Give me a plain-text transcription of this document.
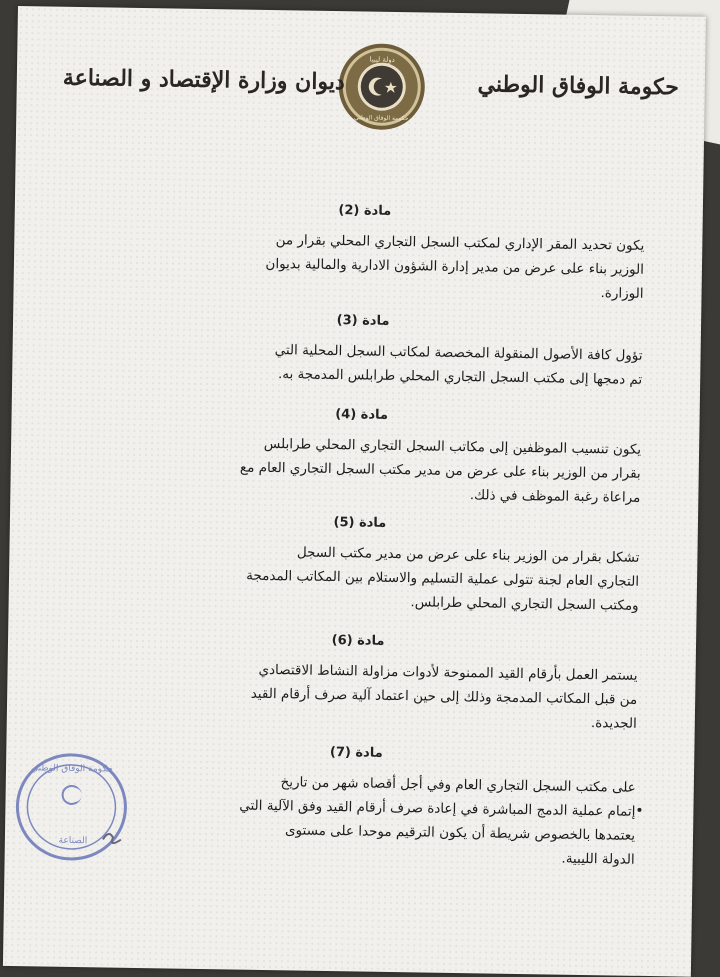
حكومة الوفاق الوطني
دولة ليبيا
حكومة الوفاق الوطني
ديوان وزارة الإقتصاد و الصناعة
مادة (2)

يكون تحديد المقر الإداري لمكتب السجل التجاري المحلي بقرار من

الوزير بناء على عرض من مدير إدارة الشؤون الادارية والمالية بديوان

الوزارة.

مادة (3)

تؤول كافة الأصول المنقولة المخصصة لمكاتب السجل المحلية التي

تم دمجها إلى مكتب السجل التجاري المحلي طرابلس المدمجة به.

مادة (4)

يكون تنسيب الموظفين إلى مكاتب السجل التجاري المحلي طرابلس

بقرار من الوزير بناء على عرض من مدير مكتب السجل التجاري العام مع

مراعاة رغبة الموظف في ذلك.

مادة (5)

تشكل بقرار من الوزير بناء على عرض من مدير مكتب السجل

التجاري العام لجنة تتولى عملية التسليم والاستلام بين المكاتب المدمجة

ومكتب السجل التجاري المحلي طرابلس.

مادة (6)

يستمر العمل بأرقام القيد الممنوحة لأدوات مزاولة النشاط الاقتصادي

من قبل المكاتب المدمجة وذلك إلى حين اعتماد آلية صرف أرقام القيد

الجديدة.

مادة (7)

على مكتب السجل التجاري العام وفي أجل أقصاه شهر من تاريخ

إتمام عملية الدمج المباشرة في إعادة صرف أرقام القيد وفق الآلية التي

يعتمدها بالخصوص شريطة أن يكون الترقيم موحدا على مستوى

الدولة الليبية.

حكومة الوفاق الوطني
الصناعة
